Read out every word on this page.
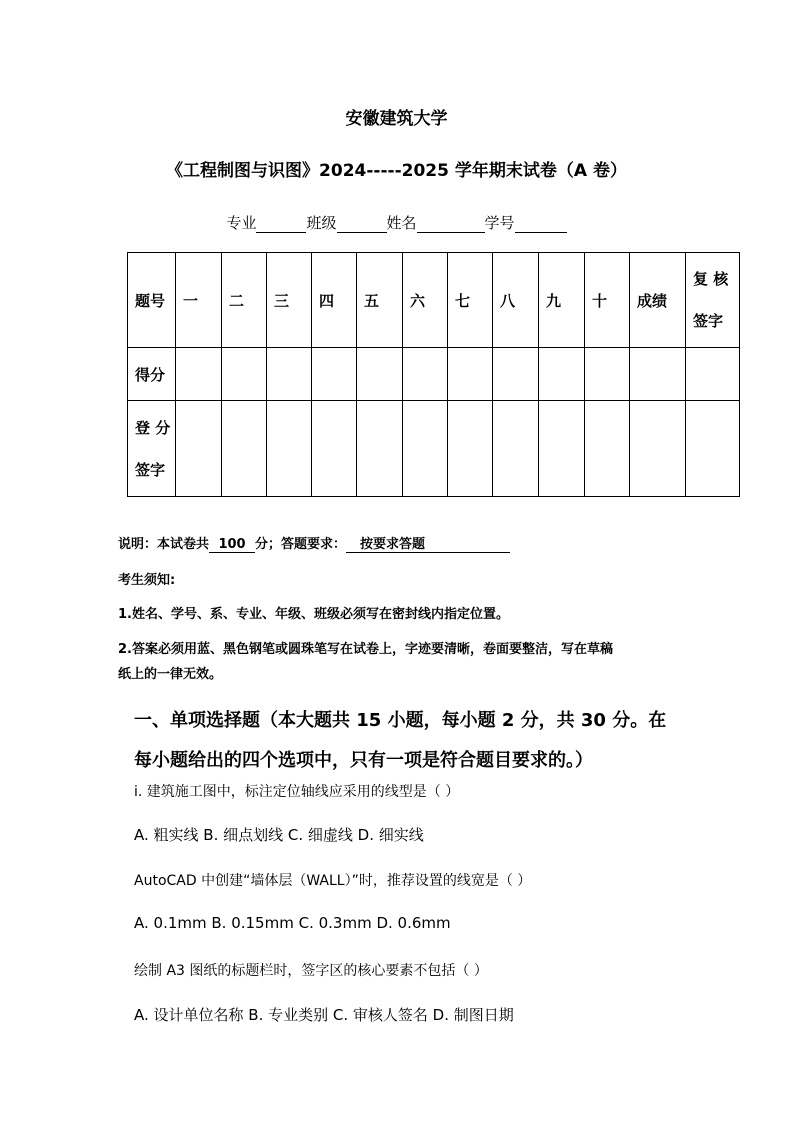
安徽建筑大学
《工程制图与识图》2024-----2025 学年期末试卷（A 卷）
专业	班级	姓名	学号
题号	一	二	三	四	五	六	七	八	九	十	成绩	复 核
签字

得分												

登 分
签字												

说明：本试卷共 100 分；答题要求： 按要求答题
考生须知:
1.姓名、学号、系、专业、年级、班级必须写在密封线内指定位置。
2.答案必须用蓝、黑色钢笔或圆珠笔写在试卷上，字迹要清晰，卷面要整洁，写在草稿
纸上的一律无效。
一、单项选择题（本大题共 15 小题，每小题 2 分，共 30 分。在
每小题给出的四个选项中，只有一项是符合题目要求的。）
i. 建筑施工图中，标注定位轴线应采用的线型是（ ）
A. 粗实线 B. 细点划线 C. 细虚线 D. 细实线
AutoCAD 中创建“墙体层（WALL）”时，推荐设置的线宽是（ ）
A. 0.1mm B. 0.15mm C. 0.3mm D. 0.6mm
绘制 A3 图纸的标题栏时，签字区的核心要素不包括（ ）
A. 设计单位名称 B. 专业类别 C. 审核人签名 D. 制图日期
